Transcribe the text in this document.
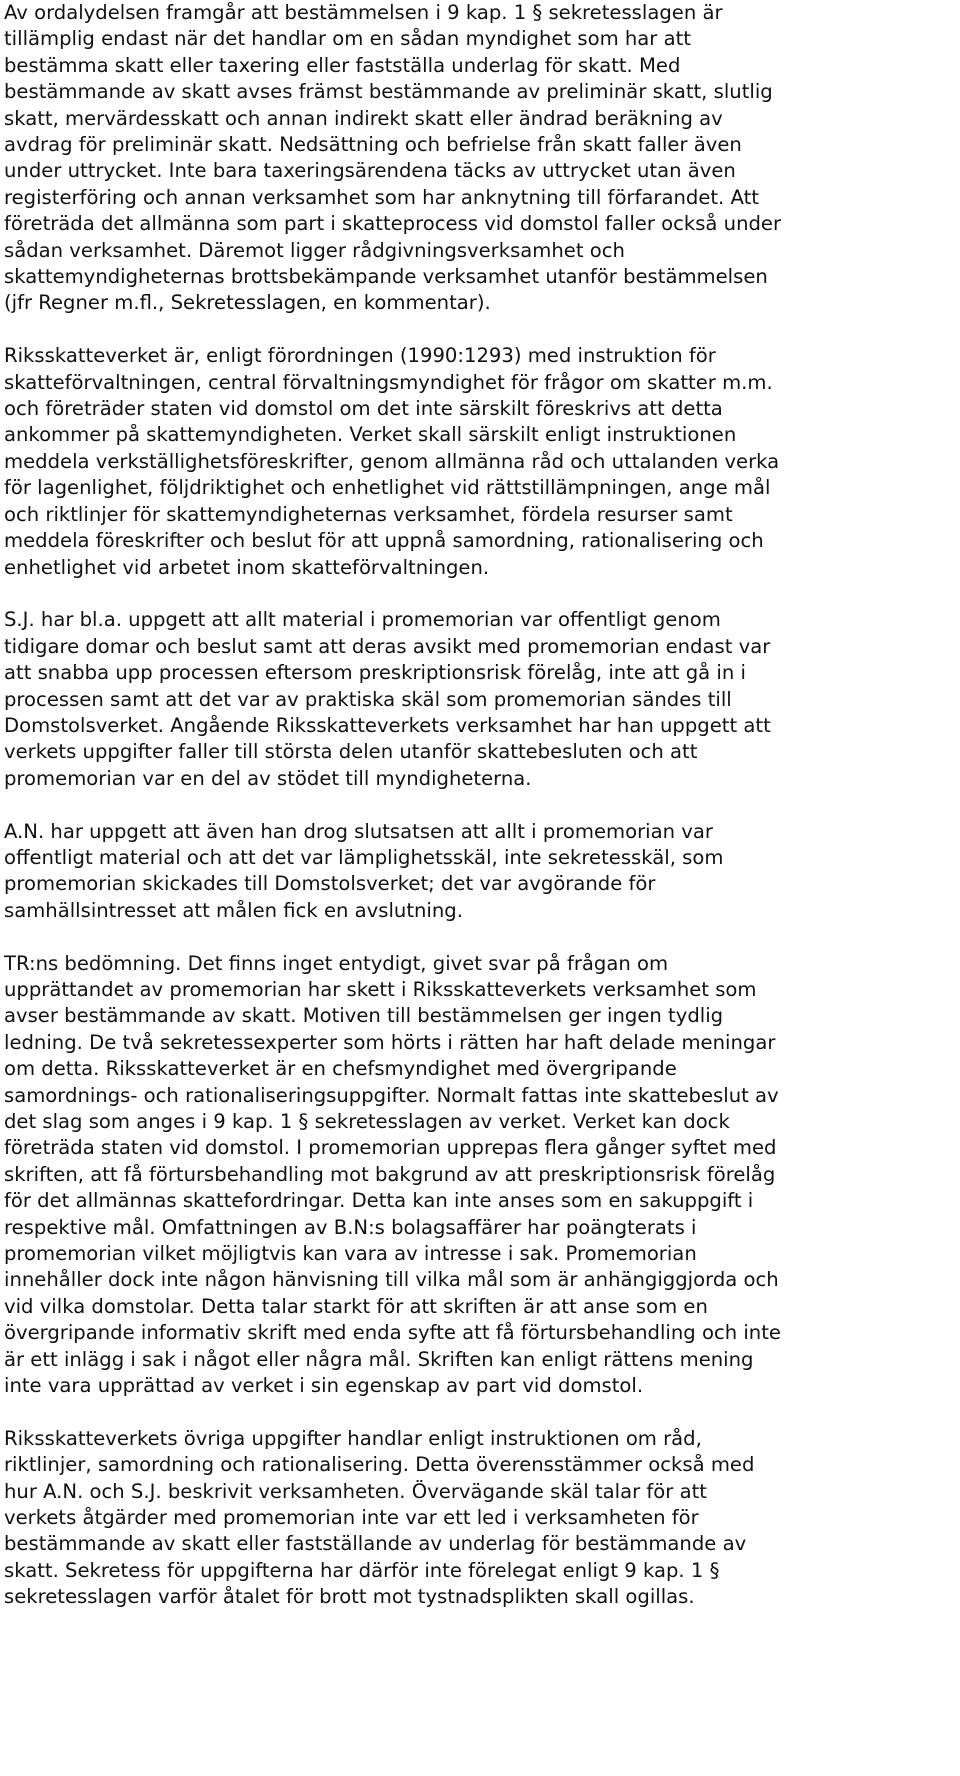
Av ordalydelsen framgår att bestämmelsen i 9 kap. 1 § sekretesslagen är
tillämplig endast när det handlar om en sådan myndighet som har att
bestämma skatt eller taxering eller fastställa underlag för skatt. Med
bestämmande av skatt avses främst bestämmande av preliminär skatt, slutlig
skatt, mervärdesskatt och annan indirekt skatt eller ändrad beräkning av
avdrag för preliminär skatt. Nedsättning och befrielse från skatt faller även
under uttrycket. Inte bara taxeringsärendena täcks av uttrycket utan även
registerföring och annan verksamhet som har anknytning till förfarandet. Att
företräda det allmänna som part i skatteprocess vid domstol faller också under
sådan verksamhet. Däremot ligger rådgivningsverksamhet och
skattemyndigheternas brottsbekämpande verksamhet utanför bestämmelsen
(jfr Regner m.fl., Sekretesslagen, en kommentar).

Riksskatteverket är, enligt förordningen (1990:1293) med instruktion för
skatteförvaltningen, central förvaltningsmyndighet för frågor om skatter m.m.
och företräder staten vid domstol om det inte särskilt föreskrivs att detta
ankommer på skattemyndigheten. Verket skall särskilt enligt instruktionen
meddela verkställighetsföreskrifter, genom allmänna råd och uttalanden verka
för lagenlighet, följdriktighet och enhetlighet vid rättstillämpningen, ange mål
och riktlinjer för skattemyndigheternas verksamhet, fördela resurser samt
meddela föreskrifter och beslut för att uppnå samordning, rationalisering och
enhetlighet vid arbetet inom skatteförvaltningen.

S.J. har bl.a. uppgett att allt material i promemorian var offentligt genom
tidigare domar och beslut samt att deras avsikt med promemorian endast var
att snabba upp processen eftersom preskriptionsrisk förelåg, inte att gå in i
processen samt att det var av praktiska skäl som promemorian sändes till
Domstolsverket. Angående Riksskatteverkets verksamhet har han uppgett att
verkets uppgifter faller till största delen utanför skattebesluten och att
promemorian var en del av stödet till myndigheterna.

A.N. har uppgett att även han drog slutsatsen att allt i promemorian var
offentligt material och att det var lämplighetsskäl, inte sekretesskäl, som
promemorian skickades till Domstolsverket; det var avgörande för
samhällsintresset att målen fick en avslutning.

TR:ns bedömning. Det finns inget entydigt, givet svar på frågan om
upprättandet av promemorian har skett i Riksskatteverkets verksamhet som
avser bestämmande av skatt. Motiven till bestämmelsen ger ingen tydlig
ledning. De två sekretessexperter som hörts i rätten har haft delade meningar
om detta. Riksskatteverket är en chefsmyndighet med övergripande
samordnings- och rationaliseringsuppgifter. Normalt fattas inte skattebeslut av
det slag som anges i 9 kap. 1 § sekretesslagen av verket. Verket kan dock
företräda staten vid domstol. I promemorian upprepas flera gånger syftet med
skriften, att få förtursbehandling mot bakgrund av att preskriptionsrisk förelåg
för det allmännas skattefordringar. Detta kan inte anses som en sakuppgift i
respektive mål. Omfattningen av B.N:s bolagsaffärer har poängterats i
promemorian vilket möjligtvis kan vara av intresse i sak. Promemorian
innehåller dock inte någon hänvisning till vilka mål som är anhängiggjorda och
vid vilka domstolar. Detta talar starkt för att skriften är att anse som en
övergripande informativ skrift med enda syfte att få förtursbehandling och inte
är ett inlägg i sak i något eller några mål. Skriften kan enligt rättens mening
inte vara upprättad av verket i sin egenskap av part vid domstol.

Riksskatteverkets övriga uppgifter handlar enligt instruktionen om råd,
riktlinjer, samordning och rationalisering. Detta överensstämmer också med
hur A.N. och S.J. beskrivit verksamheten. Övervägande skäl talar för att
verkets åtgärder med promemorian inte var ett led i verksamheten för
bestämmande av skatt eller fastställande av underlag för bestämmande av
skatt. Sekretess för uppgifterna har därför inte förelegat enligt 9 kap. 1 §
sekretesslagen varför åtalet för brott mot tystnadsplikten skall ogillas.
